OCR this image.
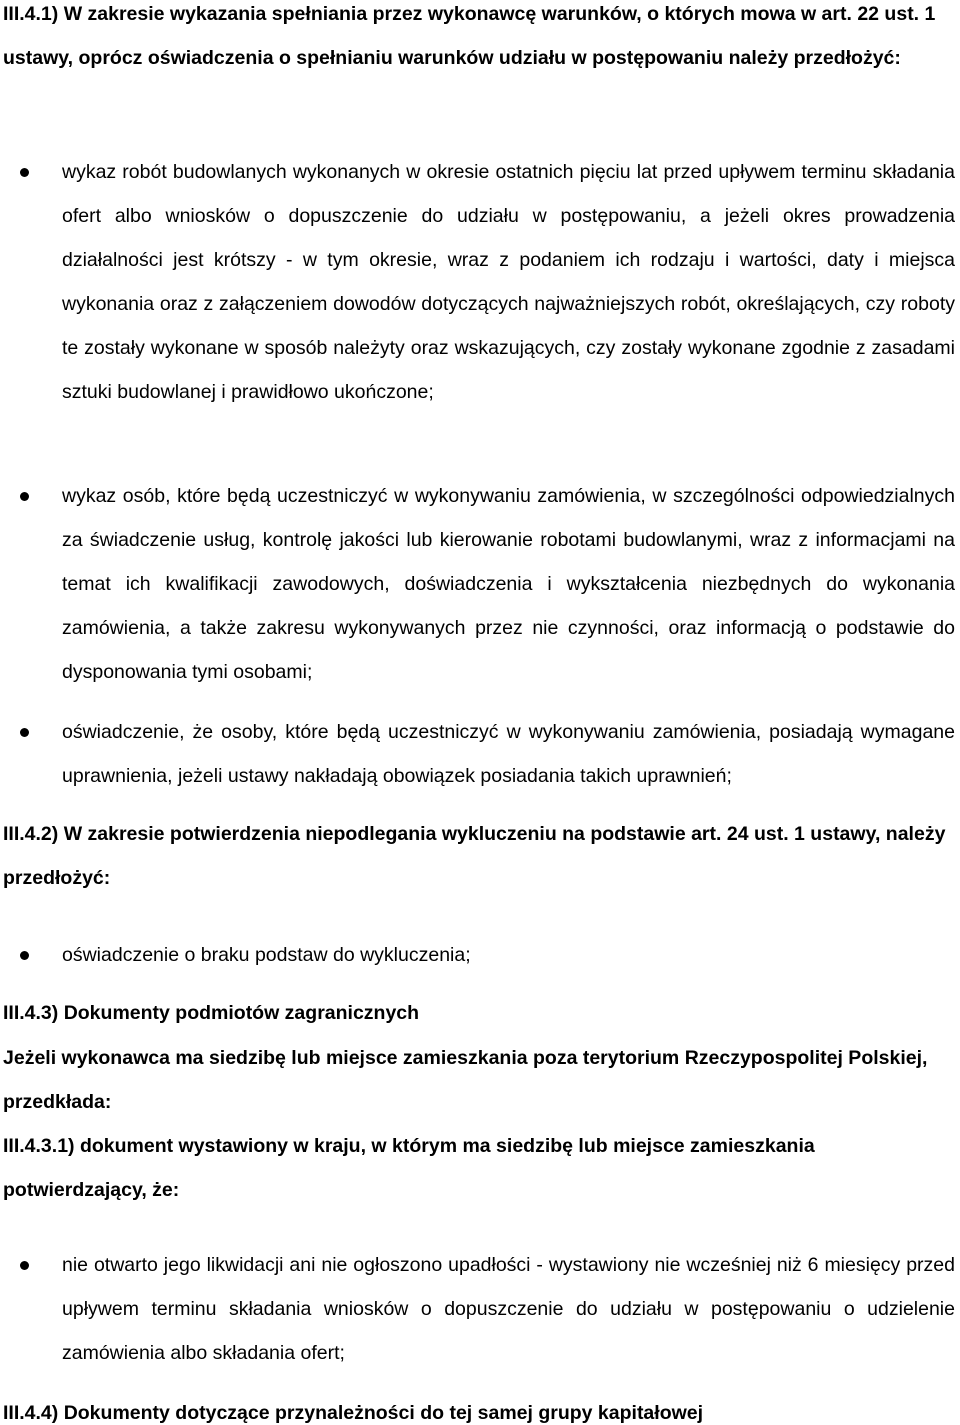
III.4.1) W zakresie wykazania spełniania przez wykonawcę warunków, o których mowa w art. 22 ust. 1 ustawy, oprócz oświadczenia o spełnianiu warunków udziału w postępowaniu należy przedłożyć:

wykaz robót budowlanych wykonanych w okresie ostatnich pięciu lat przed upływem terminu składania ofert albo wniosków o dopuszczenie do udziału w postępowaniu, a jeżeli okres prowadzenia działalności jest krótszy - w tym okresie, wraz z podaniem ich rodzaju i wartości, daty i miejsca wykonania oraz z załączeniem dowodów dotyczących najważniejszych robót, określających, czy roboty te zostały wykonane w sposób należyty oraz wskazujących, czy zostały wykonane zgodnie z zasadami sztuki budowlanej i prawidłowo ukończone;

wykaz osób, które będą uczestniczyć w wykonywaniu zamówienia, w szczególności odpowiedzialnych za świadczenie usług, kontrolę jakości lub kierowanie robotami budowlanymi, wraz z informacjami na temat ich kwalifikacji zawodowych, doświadczenia i wykształcenia niezbędnych do wykonania zamówienia, a także zakresu wykonywanych przez nie czynności, oraz informacją o podstawie do dysponowania tymi osobami;

oświadczenie, że osoby, które będą uczestniczyć w wykonywaniu zamówienia, posiadają wymagane uprawnienia, jeżeli ustawy nakładają obowiązek posiadania takich uprawnień;

III.4.2) W zakresie potwierdzenia niepodlegania wykluczeniu na podstawie art. 24 ust. 1 ustawy, należy przedłożyć:

oświadczenie o braku podstaw do wykluczenia;

III.4.3) Dokumenty podmiotów zagranicznych

Jeżeli wykonawca ma siedzibę lub miejsce zamieszkania poza terytorium Rzeczypospolitej Polskiej, przedkłada:

III.4.3.1) dokument wystawiony w kraju, w którym ma siedzibę lub miejsce zamieszkania potwierdzający, że:

nie otwarto jego likwidacji ani nie ogłoszono upadłości - wystawiony nie wcześniej niż 6 miesięcy przed upływem terminu składania wniosków o dopuszczenie do udziału w postępowaniu o udzielenie zamówienia albo składania ofert;

III.4.4) Dokumenty dotyczące przynależności do tej samej grupy kapitałowej
